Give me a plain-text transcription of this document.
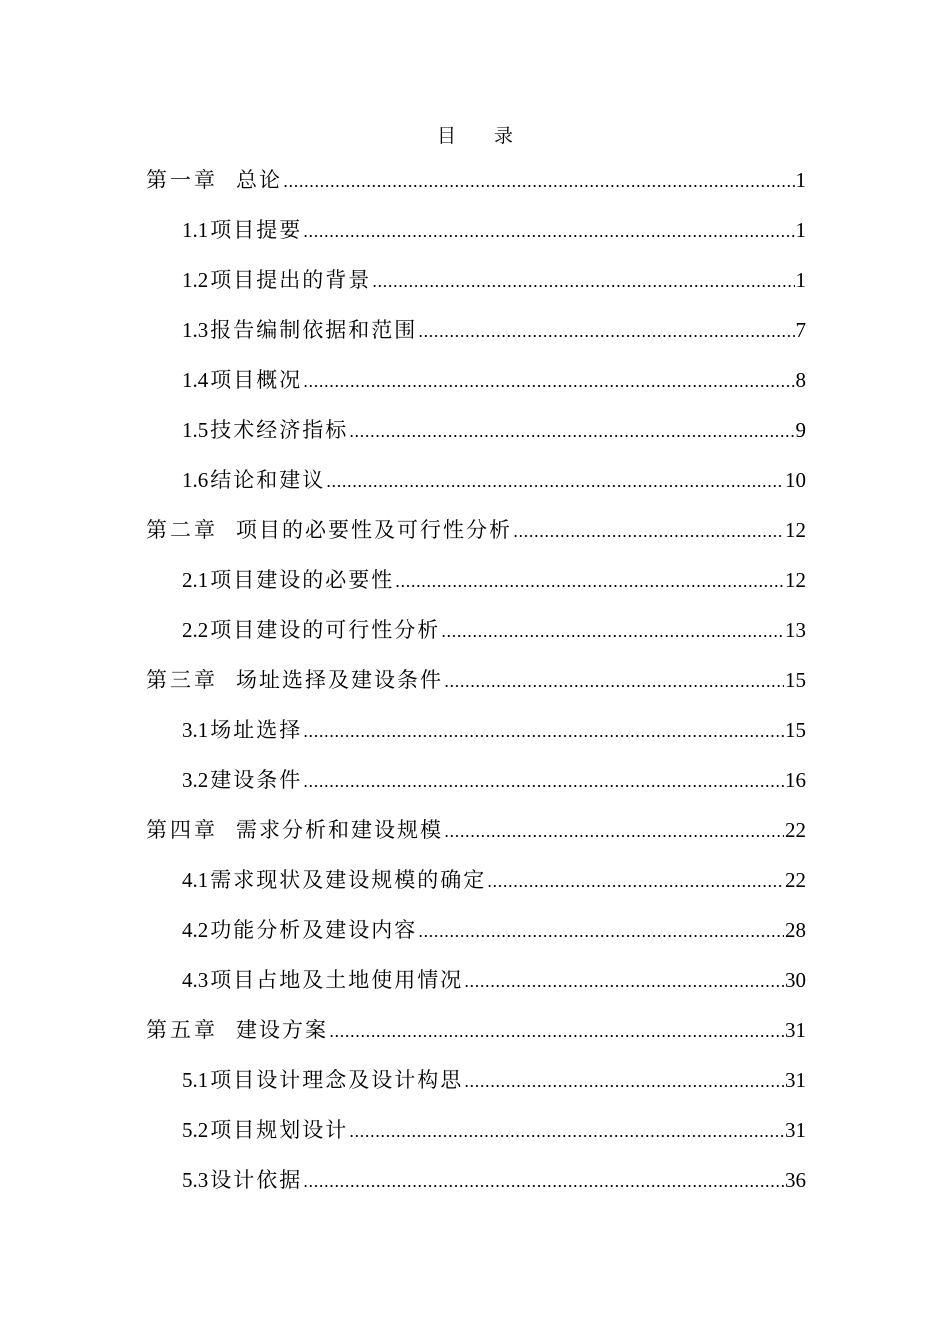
目 录
第一章 总论	1
1.1 项目提要	1
1.2 项目提出的背景	1
1.3 报告编制依据和范围	7
1.4 项目概况	8
1.5 技术经济指标	9
1.6 结论和建议	10
第二章 项目的必要性及可行性分析	12
2.1 项目建设的必要性	12
2.2 项目建设的可行性分析	13
第三章 场址选择及建设条件	15
3.1 场址选择	15
3.2 建设条件	16
第四章 需求分析和建设规模	22
4.1 需求现状及建设规模的确定	22
4.2 功能分析及建设内容	28
4.3 项目占地及土地使用情况	30
第五章 建设方案	31
5.1 项目设计理念及设计构思	31
5.2 项目规划设计	31
5.3 设计依据	36
